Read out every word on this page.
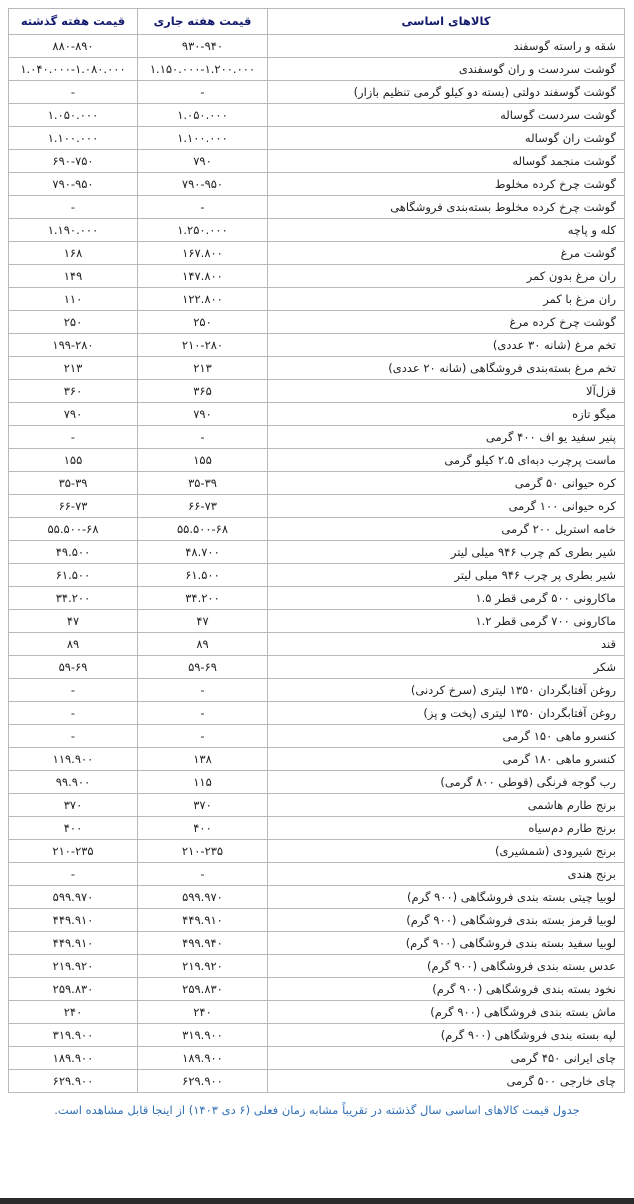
کالاهای اساسی	قیمت هفته جاری	قیمت هفته گذشته
شقه و راسته گوسفند	۹۳۰-۹۴۰	۸۸۰-۸۹۰
گوشت سردست و ران گوسفندی	۱.۱۵۰.۰۰۰-۱.۲۰۰.۰۰۰	۱.۰۴۰.۰۰۰-۱.۰۸۰.۰۰۰
گوشت گوسفند دولتی (بسته دو کیلو گرمی تنظیم بازار)	-	-
گوشت سردست گوساله	۱.۰۵۰.۰۰۰	۱.۰۵۰.۰۰۰
گوشت ران گوساله	۱.۱۰۰.۰۰۰	۱.۱۰۰.۰۰۰
گوشت منجمد گوساله	۷۹۰	۶۹۰-۷۵۰
گوشت چرخ کرده مخلوط	۷۹۰-۹۵۰	۷۹۰-۹۵۰
گوشت چرخ کرده مخلوط بسته‌بندی فروشگاهی	-	-
کله و پاچه	۱.۲۵۰.۰۰۰	۱.۱۹۰.۰۰۰
گوشت مرغ	۱۶۷.۸۰۰	۱۶۸
ران مرغ بدون کمر	۱۴۷.۸۰۰	۱۴۹
ران مرغ با کمر	۱۲۲.۸۰۰	۱۱۰
گوشت چرخ کرده مرغ	۲۵۰	۲۵۰
تخم مرغ (شانه ۳۰ عددی)	۲۱۰-۲۸۰	۱۹۹-۲۸۰
تخم مرغ بسته‌بندی فروشگاهی (شانه ۲۰ عددی)	۲۱۳	۲۱۳
قزل‌آلا	۳۶۵	۳۶۰
میگو تازه	۷۹۰	۷۹۰
پنیر سفید یو اف ۴۰۰ گرمی	-	-
ماست پرچرب دبه‌ای ۲.۵ کیلو گرمی	۱۵۵	۱۵۵
کره حیوانی ۵۰ گرمی	۳۵-۳۹	۳۵-۳۹
کره حیوانی ۱۰۰ گرمی	۶۶-۷۳	۶۶-۷۳
خامه استریل ۲۰۰ گرمی	۵۵.۵۰۰-۶۸	۵۵.۵۰۰-۶۸
شیر بطری کم چرب ۹۴۶ میلی لیتر	۴۸.۷۰۰	۴۹.۵۰۰
شیر بطری پر چرب ۹۴۶ میلی لیتر	۶۱.۵۰۰	۶۱.۵۰۰
ماکارونی ۵۰۰ گرمی قطر ۱.۵	۳۴.۲۰۰	۳۴.۲۰۰
ماکارونی ۷۰۰ گرمی قطر ۱.۲	۴۷	۴۷
قند	۸۹	۸۹
شکر	۵۹-۶۹	۵۹-۶۹
روغن آفتابگردان ۱۳۵۰ لیتری (سرخ کردنی)	-	-
روغن آفتابگردان ۱۳۵۰ لیتری (پخت و پز)	-	-
کنسرو ماهی ۱۵۰ گرمی	-	-
کنسرو ماهی ۱۸۰ گرمی	۱۳۸	۱۱۹.۹۰۰
رب گوجه فرنگی (قوطی ۸۰۰ گرمی)	۱۱۵	۹۹.۹۰۰
برنج طارم هاشمی	۳۷۰	۳۷۰
برنج طارم دم‌سیاه	۴۰۰	۴۰۰
برنج شیرودی (شمشیری)	۲۱۰-۲۳۵	۲۱۰-۲۳۵
برنج هندی	-	-
لوبیا چیتی بسته بندی فروشگاهی (۹۰۰ گرم)	۵۹۹.۹۷۰	۵۹۹.۹۷۰
لوبیا قرمز بسته بندی فروشگاهی (۹۰۰ گرم)	۴۴۹.۹۱۰	۴۴۹.۹۱۰
لوبیا سفید بسته بندی فروشگاهی (۹۰۰ گرم)	۴۹۹.۹۴۰	۴۴۹.۹۱۰
عدس بسته بندی فروشگاهی (۹۰۰ گرم)	۲۱۹.۹۲۰	۲۱۹.۹۲۰
نخود بسته بندی فروشگاهی (۹۰۰ گرم)	۲۵۹.۸۳۰	۲۵۹.۸۳۰
ماش بسته بندی فروشگاهی (۹۰۰ گرم)	۲۴۰	۲۴۰
لپه بسته بندی فروشگاهی (۹۰۰ گرم)	۳۱۹.۹۰۰	۳۱۹.۹۰۰
چای ایرانی ۴۵۰ گرمی	۱۸۹.۹۰۰	۱۸۹.۹۰۰
چای خارجی ۵۰۰ گرمی	۶۲۹.۹۰۰	۶۲۹.۹۰۰

جدول قیمت کالاهای اساسی سال گذشته در تقریباً مشابه زمان فعلی (۶ دی ۱۴۰۳) از اینجا قابل مشاهده است.
